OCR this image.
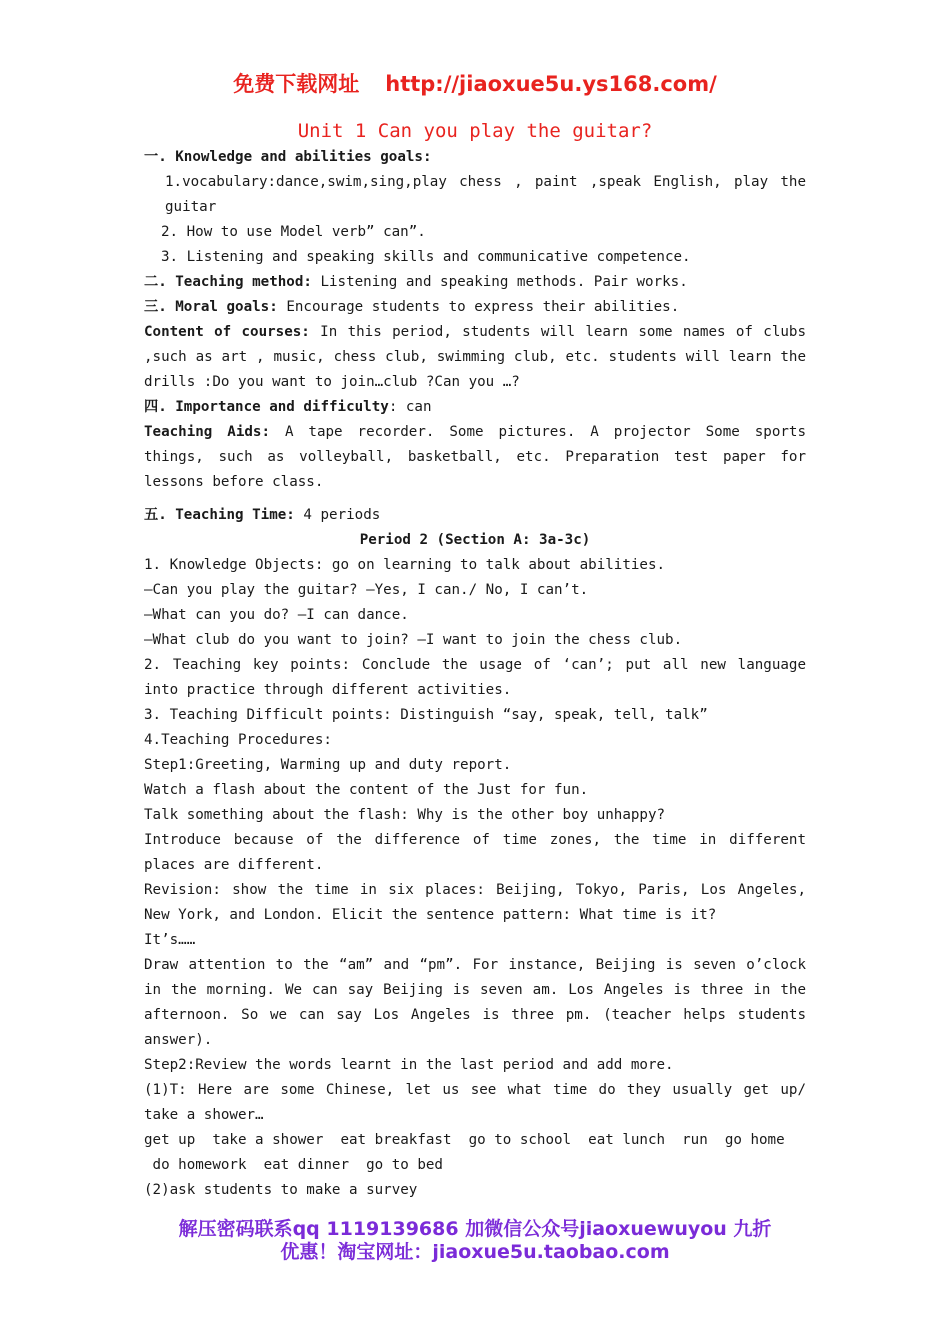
免费下载网址 http://jiaoxue5u.ys168.com/
Unit 1 Can you play the guitar?

一. Knowledge and abilities goals:

1.vocabulary:dance,swim,sing,play chess , paint ,speak English, play the guitar

2. How to use Model verb” can”.

3. Listening and speaking skills and communicative competence.

二. Teaching method: Listening and speaking methods. Pair works.

三. Moral goals: Encourage students to express their abilities.

Content of courses: In this period, students will learn some names of clubs ,such as art , music, chess club, swimming club, etc. students will learn the drills :Do you want to join…club ?Can you …?

四. Importance and difficulty: can

Teaching Aids: A tape recorder. Some pictures. A projector Some sports things, such as volleyball, basketball, etc. Preparation test paper for lessons before class.

五. Teaching Time: 4 periods

Period 2 (Section A: 3a-3c)

1. Knowledge Objects: go on learning to talk about abilities.

—Can you play the guitar? —Yes, I can./ No, I can’t.

—What can you do? —I can dance.

—What club do you want to join? —I want to join the chess club.

2. Teaching key points: Conclude the usage of ‘can’; put all new language into practice through different activities.

3. Teaching Difficult points: Distinguish “say, speak, tell, talk”

4.Teaching Procedures:

Step1:Greeting, Warming up and duty report.

Watch a flash about the content of the Just for fun.

Talk something about the flash: Why is the other boy unhappy?

Introduce because of the difference of time zones, the time in different places are different.

Revision: show the time in six places: Beijing, Tokyo, Paris, Los Angeles, New York, and London. Elicit the sentence pattern: What time is it?

It’s……

Draw attention to the “am” and “pm”. For instance, Beijing is seven o’clock in the morning. We can say Beijing is seven am. Los Angeles is three in the afternoon. So we can say Los Angeles is three pm. (teacher helps students answer).

Step2:Review the words learnt in the last period and add more.

(1)T: Here are some Chinese, let us see what time do they usually get up/ take a shower…

get up  take a shower  eat breakfast  go to school  eat lunch  run  go home

do homework  eat dinner  go to bed

(2)ask students to make a survey

解压密码联系qq 1119139686 加微信公众号jiaoxuewuyou 九折
优惠！淘宝网址：jiaoxue5u.taobao.com
